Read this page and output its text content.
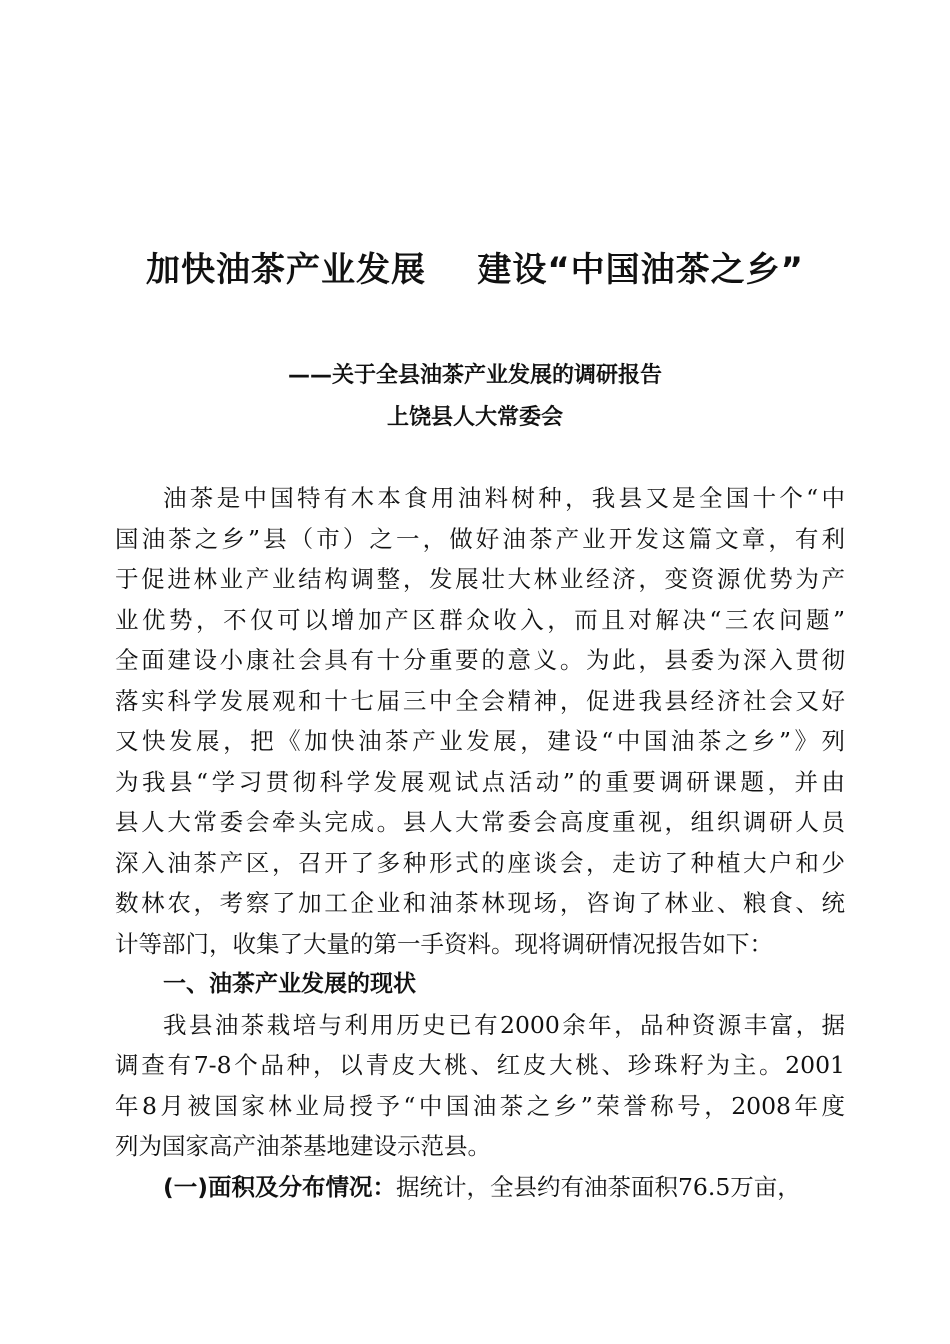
加快油茶产业发展    建设“中国油茶之乡”
——关于全县油茶产业发展的调研报告
上饶县人大常委会
油茶是中国特有木本食用油料树种，我县又是全国十个“中
国油茶之乡”县（市）之一，做好油茶产业开发这篇文章，有利
于促进林业产业结构调整，发展壮大林业经济，变资源优势为产
业优势，不仅可以增加产区群众收入，而且对解决“三农问题”
全面建设小康社会具有十分重要的意义。为此，县委为深入贯彻
落实科学发展观和十七届三中全会精神，促进我县经济社会又好
又快发展，把《加快油茶产业发展，建设“中国油茶之乡”》列
为我县“学习贯彻科学发展观试点活动”的重要调研课题，并由
县人大常委会牵头完成。县人大常委会高度重视，组织调研人员
深入油茶产区，召开了多种形式的座谈会，走访了种植大户和少
数林农，考察了加工企业和油茶林现场，咨询了林业、粮食、统
计等部门，收集了大量的第一手资料。现将调研情况报告如下：
一、油茶产业发展的现状
我县油茶栽培与利用历史已有2000余年，品种资源丰富，据
调查有7-8个品种，以青皮大桃、红皮大桃、珍珠籽为主。2001
年8月被国家林业局授予“中国油茶之乡”荣誉称号，2008年度
列为国家高产油茶基地建设示范县。
(一)面积及分布情况：据统计，全县约有油茶面积76.5万亩，
